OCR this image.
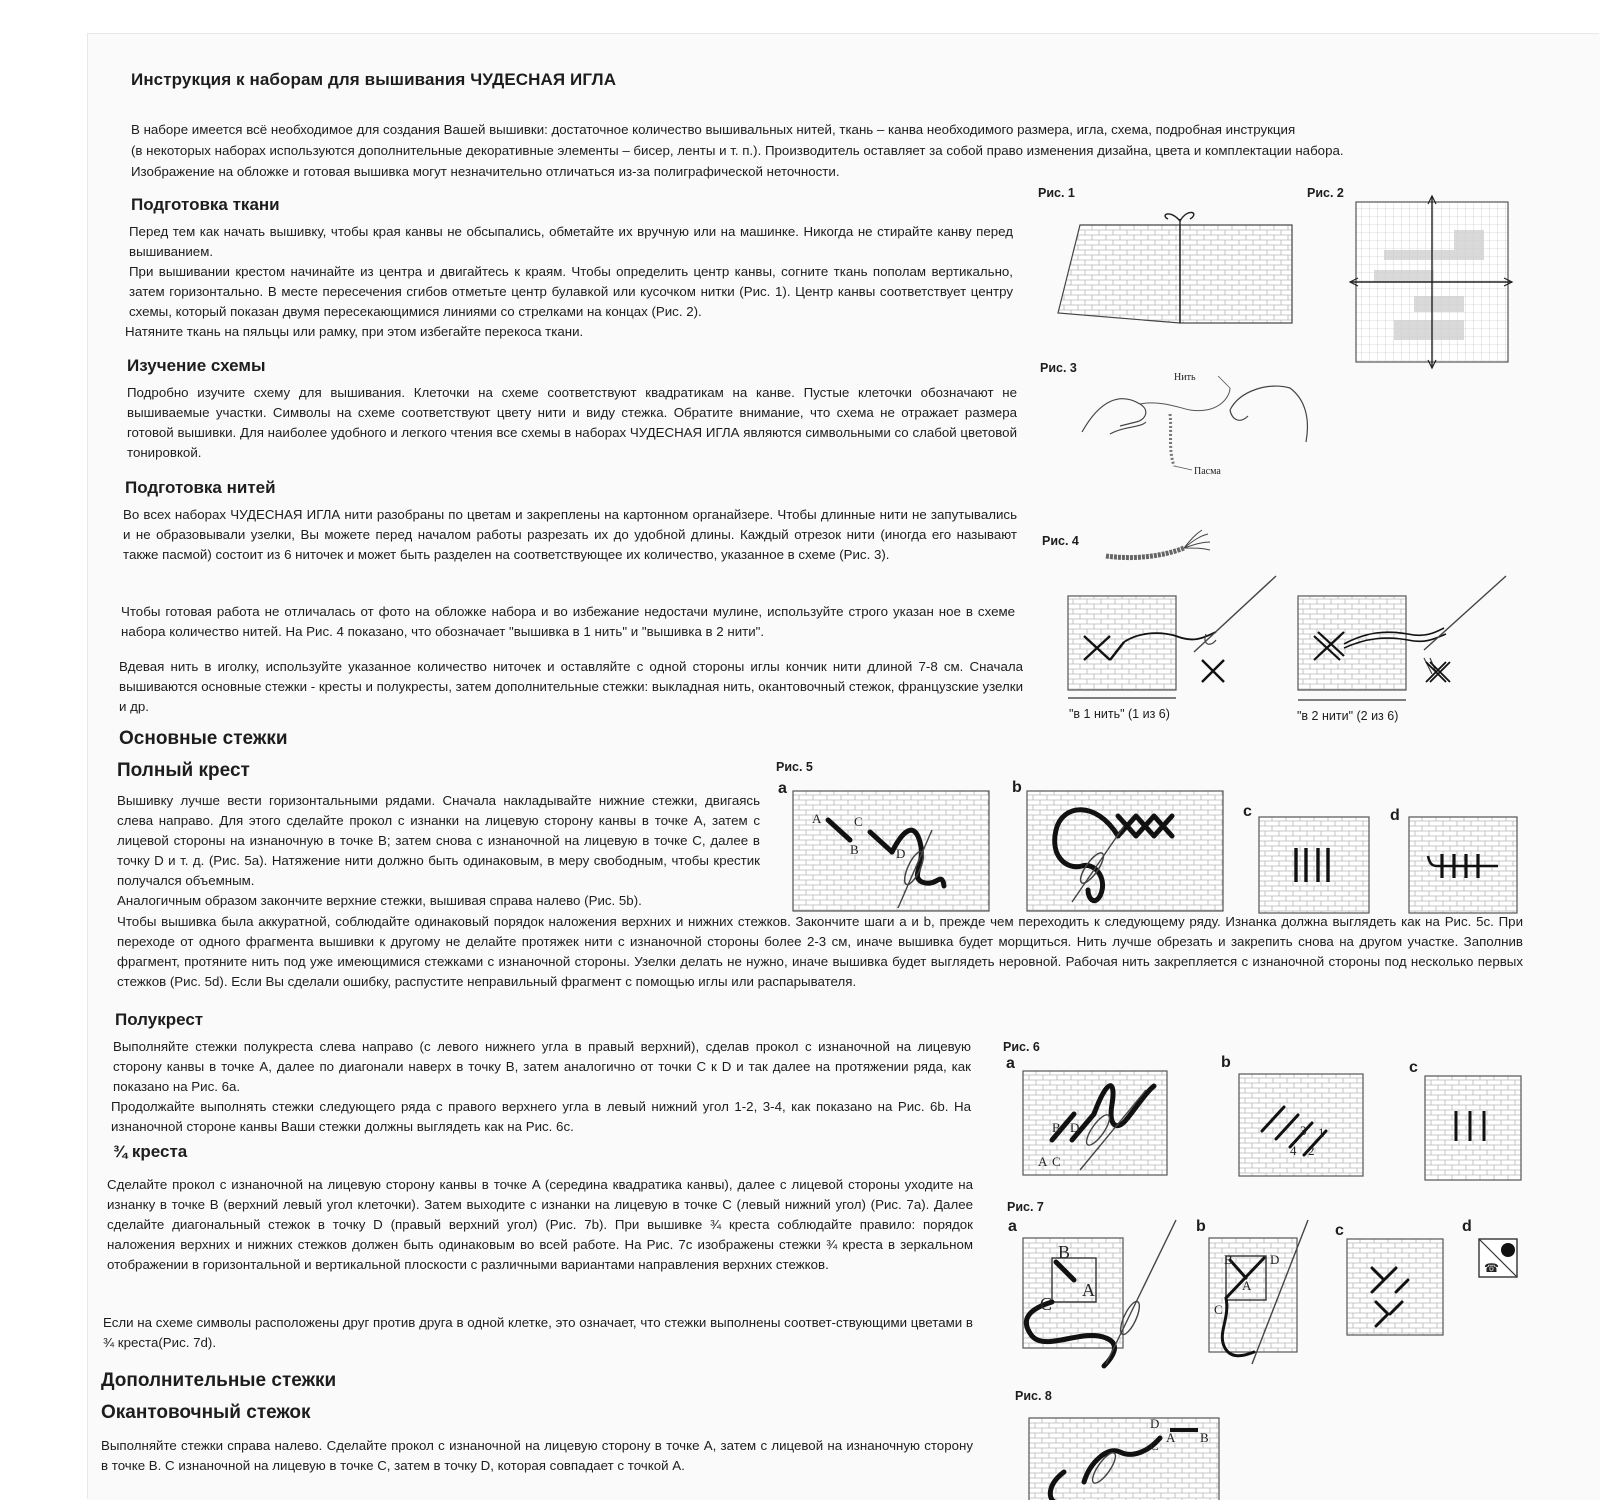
Инструкция к наборам для вышивания ЧУДЕСНАЯ ИГЛА

В наборе имеется всё необходимое для создания Вашей вышивки: достаточное количество вышивальных нитей, ткань – канва необходимого размера, игла, схема, подробная инструкция

(в некоторых наборах используются дополнительные декоративные элементы – бисер, ленты и т. п.). Производитель оставляет за собой право изменения дизайна, цвета и комплектации набора.

Изображение на обложке и готовая вышивка могут незначительно отличаться из-за полиграфической неточности.

Подготовка ткани

Перед тем как начать вышивку, чтобы края канвы не обсыпались, обметайте их вручную или на машинке. Никогда не стирайте канву перед вышиванием.

При вышивании крестом начинайте из центра и двигайтесь к краям. Чтобы определить центр канвы, согните ткань пополам вертикально, затем горизонтально. В месте пересечения сгибов отметьте центр булавкой или кусочком нитки (Рис. 1). Центр канвы соответствует центру схемы, который показан двумя пересекающимися линиями со стрелками на концах (Рис. 2).

Натяните ткань на пяльцы или рамку, при этом избегайте перекоса ткани.

Изучение схемы

Подробно изучите схему для вышивания. Клеточки на схеме соответствуют квадратикам на канве. Пустые клеточки обозначают не вышиваемые участки. Символы на схеме соответствуют цвету нити и виду стежка. Обратите внимание, что схема не отражает размера готовой вышивки. Для наиболее удобного и легкого чтения все схемы в наборах ЧУДЕСНАЯ ИГЛА являются символьными со слабой цветовой тонировкой.

Подготовка нитей

Во всех наборах ЧУДЕСНАЯ ИГЛА нити разобраны по цветам и закреплены на картонном органайзере. Чтобы длинные нити не запутывались и не образовывали узелки, Вы можете перед началом работы разрезать их до удобной длины. Каждый отрезок нити (иногда его называют также пасмой) состоит из 6 ниточек и может быть разделен на соответствующее их количество, указанное в схеме (Рис. 3).

Чтобы готовая работа не отличалась от фото на обложке набора и во избежание недостачи мулине, используйте строго указан ное в схеме набора количество нитей. На Рис. 4 показано, что обозначает "вышивка в 1 нить" и "вышивка в 2 нити".

Вдевая нить в иголку, используйте указанное количество ниточек и оставляйте с одной стороны иглы кончик нити длиной 7-8 см. Сначала вышиваются основные стежки - кресты и полукресты, затем дополнительные стежки: выкладная нить, окантовочный стежок, французские узелки и др.

Основные стежки
Полный крест

Вышивку лучше вести горизонтальными рядами. Сначала накладывайте нижние стежки, двигаясь слева направо. Для этого сделайте прокол с изнанки на лицевую сторону канвы в точке A, затем с лицевой стороны на изнаночную в точке B; затем снова с изнаночной на лицевую в точке C, далее в точку D и т. д. (Рис. 5a). Натяжение нити должно быть одинаковым, в меру свободным, чтобы крестик получался объемным.

Аналогичным образом закончите верхние стежки, вышивая справа налево (Рис. 5b).

Чтобы вышивка была аккуратной, соблюдайте одинаковый порядок наложения верхних и нижних стежков. Закончите шаги a и b, прежде чем переходить к следующему ряду. Изнанка должна выглядеть как на Рис. 5c. При переходе от одного фрагмента вышивки к другому не делайте протяжек нити с изнаночной стороны более 2-3 см, иначе вышивка будет морщиться. Нить лучше обрезать и закрепить снова на другом участке. Заполнив фрагмент, протяните нить под уже имеющимися стежками с изнаночной стороны. Узелки делать не нужно, иначе вышивка будет выглядеть неровной. Рабочая нить закрепляется с изнаночной стороны под несколько первых стежков (Рис. 5d). Если Вы сделали ошибку, распустите неправильный фрагмент с помощью иглы или распарывателя.

Полукрест

Выполняйте стежки полукреста слева направо (с левого нижнего угла в правый верхний), сделав прокол с изнаночной на лицевую сторону канвы в точке A, далее по диагонали наверх в точку B, затем аналогично от точки C к D и так далее на протяжении ряда, как показано на Рис. 6a.

Продолжайте выполнять стежки следующего ряда с правого верхнего угла в левый нижний угол 1-2, 3-4, как показано на Рис. 6b. На изнаночной стороне канвы Ваши стежки должны выглядеть как на Рис. 6c.

¾ креста

Сделайте прокол с изнаночной на лицевую сторону канвы в точке A (середина квадратика канвы), далее с лицевой стороны уходите на изнанку в точке B (верхний левый угол клеточки). Затем выходите с изнанки на лицевую в точке C (левый нижний угол) (Рис. 7a). Далее сделайте диагональный стежок в точку D (правый верхний угол) (Рис. 7b). При вышивке ¾ креста соблюдайте правило: порядок наложения верхних и нижних стежков должен быть одинаковым во всей работе. На Рис. 7c изображены стежки ¾ креста в зеркальном отображении в горизонтальной и вертикальной плоскости с различными вариантами направления верхних стежков.

Если на схеме символы расположены друг против друга в одной клетке, это означает, что стежки выполнены соответ-ствующими цветами в ¾ креста(Рис. 7d).

Дополнительные стежки
Окантовочный стежок

Выполняйте стежки справа налево. Сделайте прокол с изнаночной на лицевую сторону в точке A, затем с лицевой на изнаночную сторону в точке B. С изнаночной на лицевую в точке C, затем в точку D, которая совпадает с точкой A.

Рис. 1	Рис. 2
Рис. 3
Рис. 4
"в 1 нить" (1 из 6)	"в 2 нити" (2 из 6)
Рис. 5
a	b
c	d
Рис. 6
a	b	c
Рис. 7
a	b	c	d
Рис. 8
Нить
Пасма
A
B
C
D
A C
B D	3 1
4 2
B
A
C
B	D
A
C
☎
D
A B
C
